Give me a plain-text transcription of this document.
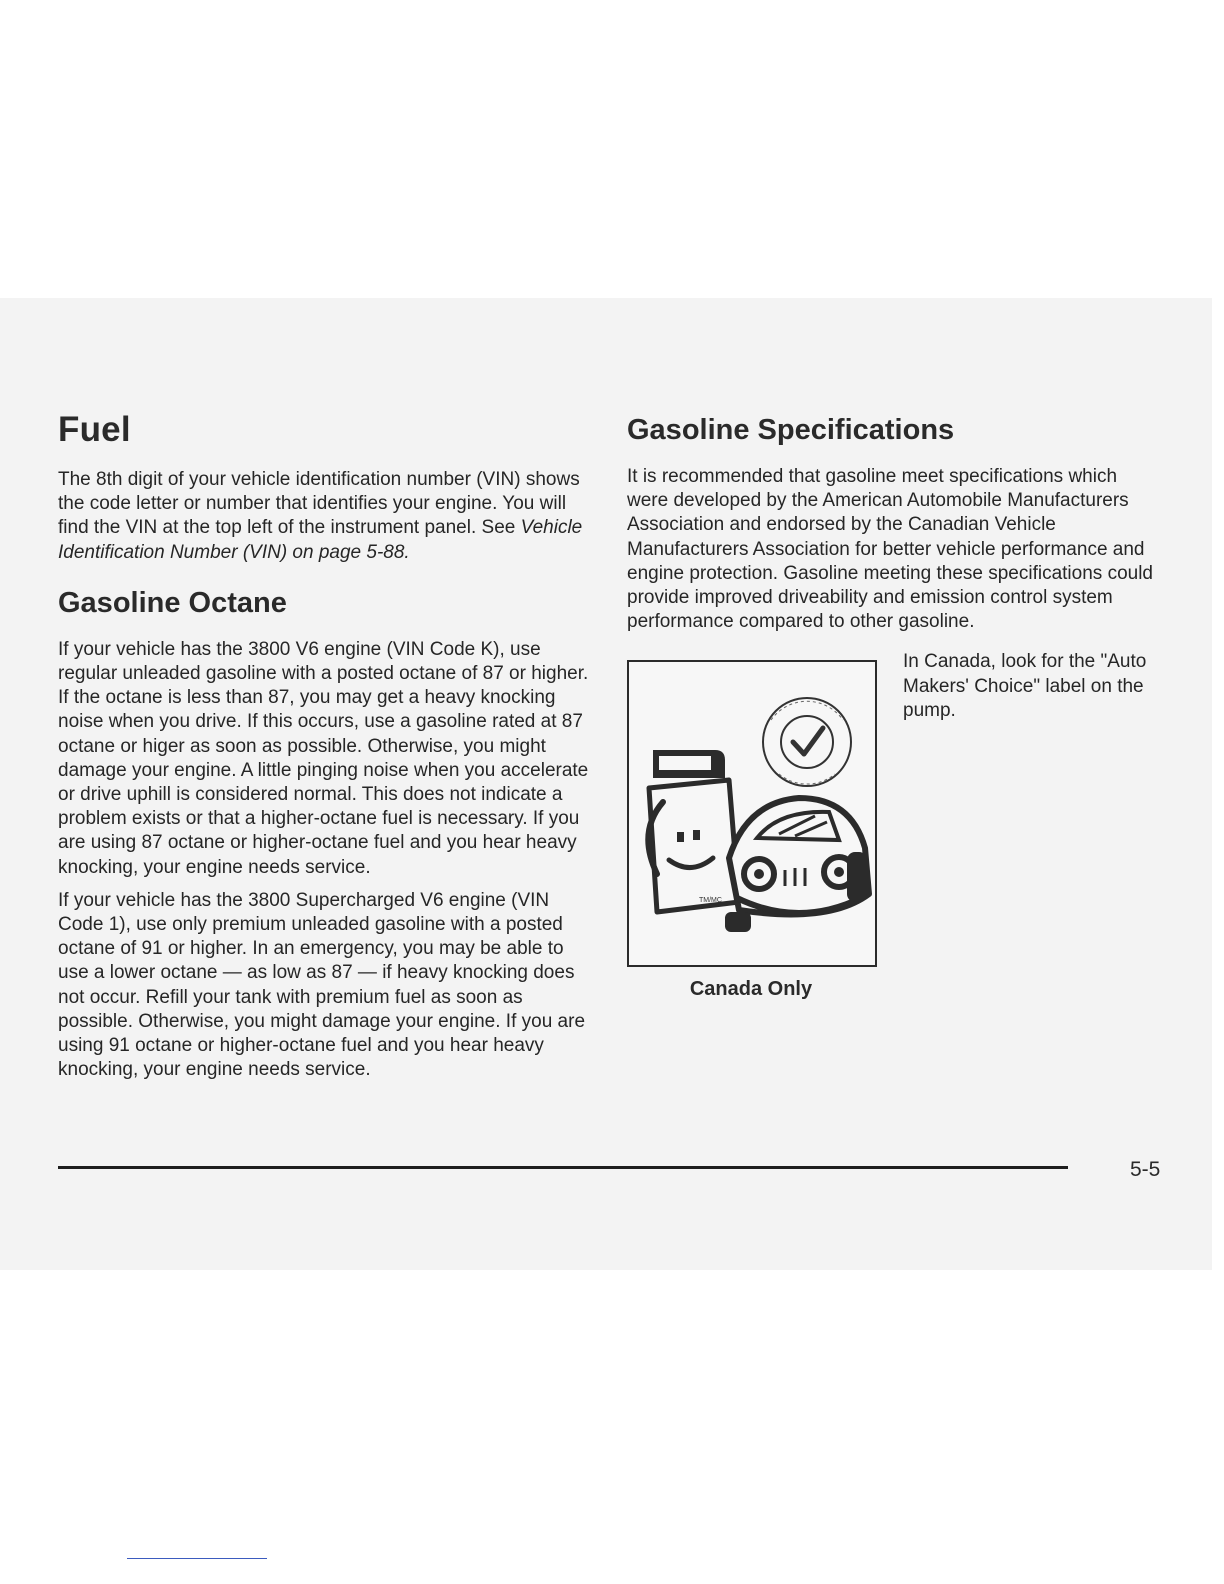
Fuel

The 8th digit of your vehicle identification number (VIN) shows the code letter or number that identifies your engine. You will find the VIN at the top left of the instrument panel. See Vehicle Identification Number (VIN) on page 5-88.

Gasoline Octane

If your vehicle has the 3800 V6 engine (VIN Code K), use regular unleaded gasoline with a posted octane of 87 or higher. If the octane is less than 87, you may get a heavy knocking noise when you drive. If this occurs, use a gasoline rated at 87 octane or higer as soon as possible. Otherwise, you might damage your engine. A little pinging noise when you accelerate or drive uphill is considered normal. This does not indicate a problem exists or that a higher-octane fuel is necessary. If you are using 87 octane or higher-octane fuel and you hear heavy knocking, your engine needs service.

If your vehicle has the 3800 Supercharged V6 engine (VIN Code 1), use only premium unleaded gasoline with a posted octane of 91 or higher. In an emergency, you may be able to use a lower octane — as low as 87 — if heavy knocking does not occur. Refill your tank with premium fuel as soon as possible. Otherwise, you might damage your engine. If you are using 91 octane or higher-octane fuel and you hear heavy knocking, your engine needs service.

Gasoline Specifications

It is recommended that gasoline meet specifications which were developed by the American Automobile Manufacturers Association and endorsed by the Canadian Vehicle Manufacturers Association for better vehicle performance and engine protection. Gasoline meeting these specifications could provide improved driveability and emission control system performance compared to other gasoline.

TM/MC
Canada Only

In Canada, look for the "Auto Makers' Choice" label on the pump.

5-5
